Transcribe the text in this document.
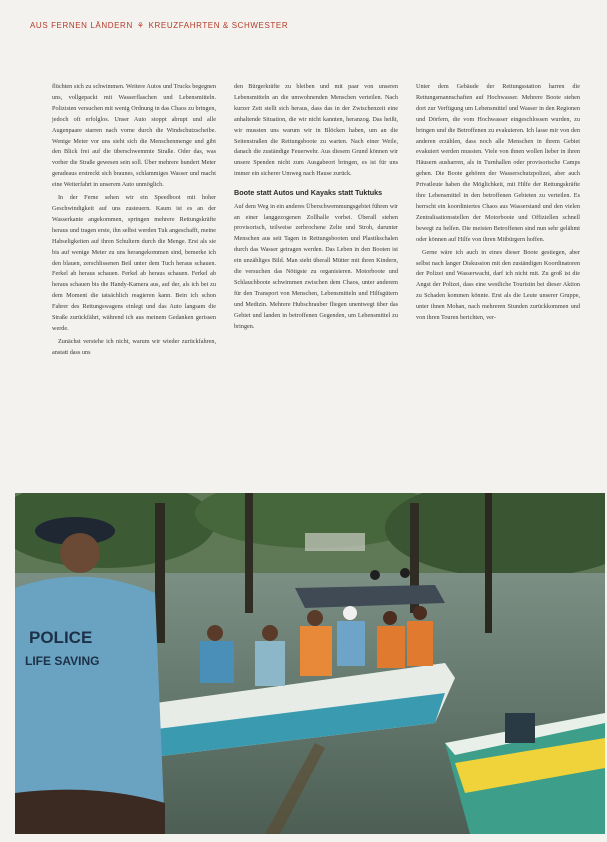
AUS FERNEN LÄNDERN ⚘ KREUZFAHRTEN & SCHWESTER

flüchten sich zu schwimmen. Weitere Autos und Trucks begegnen uns, vollgepackt mit Wasserflaschen und Lebensmitteln. Polizisten versuchen mit wenig Ordnung in das Chaos zu bringen, jedoch oft erfolglos. Unser Auto stoppt abrupt und alle Augenpaare starren nach vorne durch die Windschutzscheibe. Wenige Meter vor uns sieht sich die Menschenmenge und gibt den Blick frei auf die überschwemmte Straße. Oder das, was vorher die Straße gewesen sein soll. Über mehrere hundert Meter geradeaus erstreckt sich braunes, schlammiges Wasser und macht eine Weiterfahrt in unserem Auto unmöglich.

In der Ferne sehen wir ein Speedboot mit hoher Geschwindigkeit auf uns zusteuern. Kaum ist es an der Wasserkante angekommen, springen mehrere Rettungskräfte heraus und tragen erste, ihn selbst werden Tuk angeschafft, meine Habseligkeiten auf ihren Schultern durch die Menge. Erst als sie bis auf wenige Meter zu uns herangekommen sind, bemerke ich den blauen, zerschlissenen Beil unter dem Tuch heraus schauen. Ferkel ab heraus schauen. Ferkel ab heraus schauen. Ferkel ab heraus schauen bis die Handy-Kamera aus, auf der, als ich bei zu dem Moment die tatsächlich reagieren kann. Bein ich schon Fahrer des Rettungswagens einlegt und das Auto langsam die Straße zurückfährt, während ich aus meinem Gedanken gerissen werde.

Zunächst verstehe ich nicht, warum wir wieder zurückfahren, anstatt dass uns

den Bürgerkräfte zu bleiben und mit paar von unseren Lebensmitteln an die umwohnenden Menschen verteilen. Nach kurzer Zeit stellt sich heraus, dass das in der Zwischenzeit eine anhaltende Situation, die wir nicht kannten, heranzog. Das heißt, wir mussten uns warum wir in Blöcken haben, um an die Seitenstraßen die Rettungsboote zu warten. Nach einer Weile, danach die zuständige Feuerwehr. Aus diesem Grund können wir unsere Spenden nicht zum Ausgabeort bringen, es ist für uns immer ein sicherer Umweg nach Hause zurück.

Boote statt Autos und Kayaks statt Tuktuks

Auf dem Weg in ein anderes Überschwemmungsgebiet führen wir an einer langgezogenen Zollhalle vorbei. Überall stehen provisorisch, teilweise zerbrochene Zelte und Stroh, darunter Menschen aus seit Tagen in Rettungsbooten und Plastikschalen durch das Wasser getragen werden. Das Leben in den Booten ist ein unzähliges Bild. Man sieht überall Mütter mit ihren Kindern, die versuchen das Nötigste zu organisieren. Motorboote und Schlauchboote schwimmen zwischen dem Chaos, unter anderem für den Transport von Menschen, Lebensmitteln und Hilfsgütern und Medizin. Mehrere Hubschrauber fliegen unentwegt über das Gebiet und landen in betroffenen Gegenden, um Lebensmittel zu bringen.

Unter dem Gebäude der Rettungsstation harren die Rettungsmannschaften auf Hochwasser. Mehrere Boote stehen dort zur Verfügung um Lebensmittel und Wasser in den Regionen und Dörfern, die vom Hochwasser eingeschlossen wurden, zu bringen und die Betroffenen zu evakuieren. Ich lasse mir von den anderen erzählen, dass noch alle Menschen in ihrem Gebiet evakuiert werden mussten. Viele von ihnen wollen lieber in ihren Häusern ausharren, als in Turnhallen oder provisorische Camps gehen. Die Boote gehören der Wasserschutzpolizei, aber auch Privatleute haben die Möglichkeit, mit Hilfe der Rettungskräfte ihre Lebensmittel in den betroffenen Gebieten zu verteilen. Es herrscht ein koordiniertes Chaos aus Wasserstand und den vielen Zentralisationsstellen der Motorboote und Offiziellen schnell bewegt zu helfen. Die meisten Betroffenen sind nun sehr gelähmt oder können auf Hilfe von ihren Mitbürgern hoffen.

Gerne wäre ich auch in eines dieser Boote gestiegen, aber selbst nach langer Diskussion mit den zuständigen Koordinatoren der Polizei und Wasserwacht, darf ich nicht mit. Zu groß ist die Angst der Polizei, dass eine westliche Touristin bei dieser Aktion zu Schaden kommen könnte. Erst als die Leute unserer Gruppe, unter ihnen Mohan, nach mehreren Stunden zurückkommen und von ihren Touren berichten, ver-

POLICE
LIFE SAVING
